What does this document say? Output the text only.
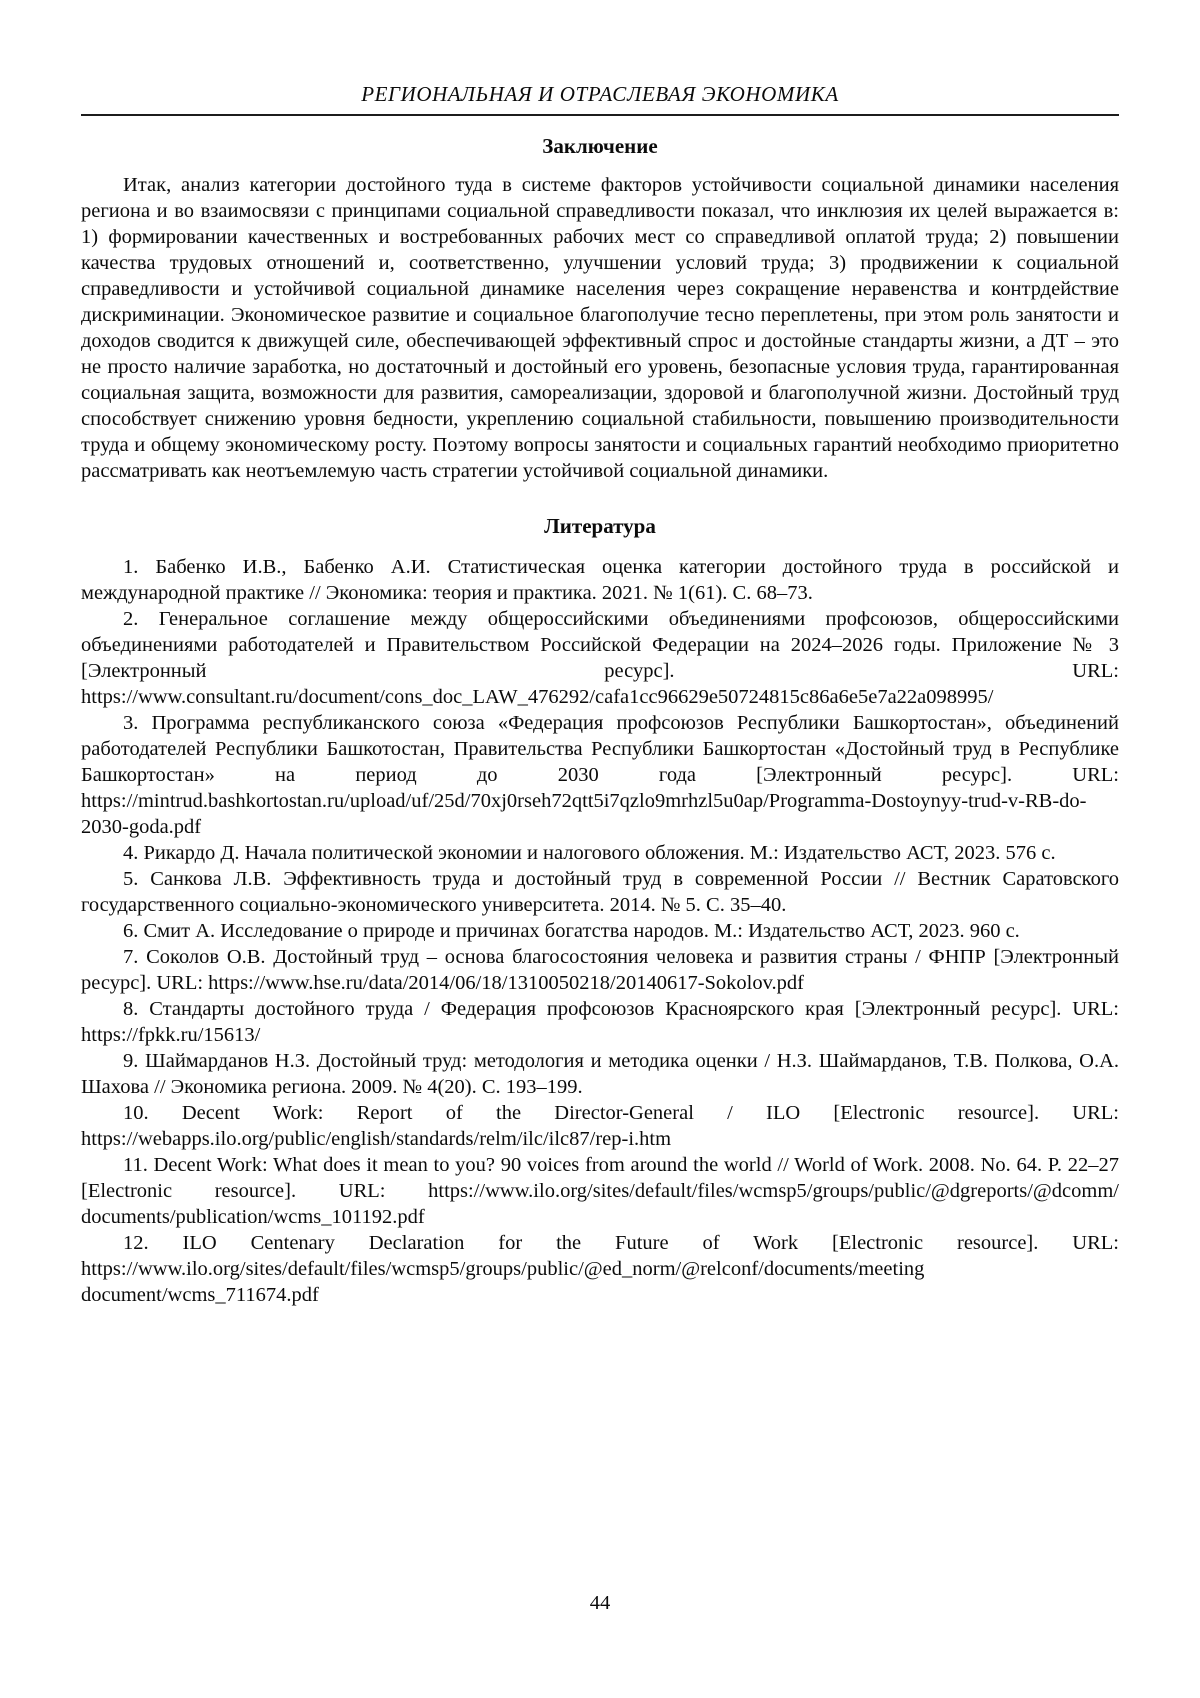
РЕГИОНАЛЬНАЯ И ОТРАСЛЕВАЯ ЭКОНОМИКА
Заключение

Итак, анализ категории достойного туда в системе факторов устойчивости социальной динамики населения региона и во взаимосвязи с принципами социальной справедливости показал, что инклюзия их целей выражается в: 1) формировании качественных и востребованных рабочих мест со справедливой оплатой труда; 2) повышении качества трудовых отношений и, соответственно, улучшении условий труда; 3) продвижении к социальной справедливости и устойчивой социальной динамике населения через сокращение неравенства и контрдействие дискриминации. Экономическое развитие и социальное благополучие тесно переплетены, при этом роль занятости и доходов сводится к движущей силе, обеспечивающей эффективный спрос и достойные стандарты жизни, а ДТ – это не просто наличие заработка, но достаточный и достойный его уровень, безопасные условия труда, гарантированная социальная защита, возможности для развития, самореализации, здоровой и благополучной жизни. Достойный труд способствует снижению уровня бедности, укреплению социальной стабильности, повышению производительности труда и общему экономическому росту. Поэтому вопросы занятости и социальных гарантий необходимо приоритетно рассматривать как неотъемлемую часть стратегии устойчивой социальной динамики.

Литература

1. Бабенко И.В., Бабенко А.И. Статистическая оценка категории достойного труда в российской и международной практике // Экономика: теория и практика. 2021. № 1(61). С. 68–73.

2. Генеральное соглашение между общероссийскими объединениями профсоюзов, общероссийскими объединениями работодателей и Правительством Российской Федерации на 2024–2026 годы. Приложение № 3 [Электронный ресурс]. URL: https://www.consultant.ru/document/cons_doc_LAW_476292/cafa1cc96629e50724815c86a6e5e7a22a098995/

3. Программа республиканского союза «Федерация профсоюзов Республики Башкортостан», объединений работодателей Республики Башкотостан, Правительства Республики Башкортостан «Достойный труд в Республике Башкортостан» на период до 2030 года [Электронный ресурс]. URL: https://mintrud.bashkortostan.ru/upload/uf/25d/70xj0rseh72qtt5i7qzlo9mrhzl5u0ap/Programma-Dostoynyy-trud-v-RB-do-2030-goda.pdf

4. Рикардо Д. Начала политической экономии и налогового обложения. М.: Издательство АСТ, 2023. 576 с.

5. Санкова Л.В. Эффективность труда и достойный труд в современной России // Вестник Саратовского государственного социально-экономического университета. 2014. № 5. С. 35–40.

6. Смит А. Исследование о природе и причинах богатства народов. М.: Издательство АСТ, 2023. 960 с.

7. Соколов О.В. Достойный труд – основа благосостояния человека и развития страны / ФНПР [Электронный ресурс]. URL: https://www.hse.ru/data/2014/06/18/1310050218/20140617-Sokolov.pdf

8. Стандарты достойного труда / Федерация профсоюзов Красноярского края [Электронный ресурс]. URL: https://fpkk.ru/15613/

9. Шаймарданов Н.З. Достойный труд: методология и методика оценки / Н.З. Шаймарданов, Т.В. Полкова, О.А. Шахова // Экономика региона. 2009. № 4(20). С. 193–199.

10. Decent Work: Report of the Director-General / ILO [Electronic resource]. URL: https://webapps.ilo.org/public/english/standards/relm/ilc/ilc87/rep-i.htm

11. Decent Work: What does it mean to you? 90 voices from around the world // World of Work. 2008. No. 64. P. 22–27 [Electronic resource]. URL: https://www.ilo.org/sites/default/files/wcmsp5/groups/public/@dgreports/@dcomm/ documents/publication/wcms_101192.pdf

12. ILO Centenary Declaration for the Future of Work [Electronic resource]. URL: https://www.ilo.org/sites/default/files/wcmsp5/groups/public/@ed_norm/@relconf/documents/meeting document/wcms_711674.pdf

44
